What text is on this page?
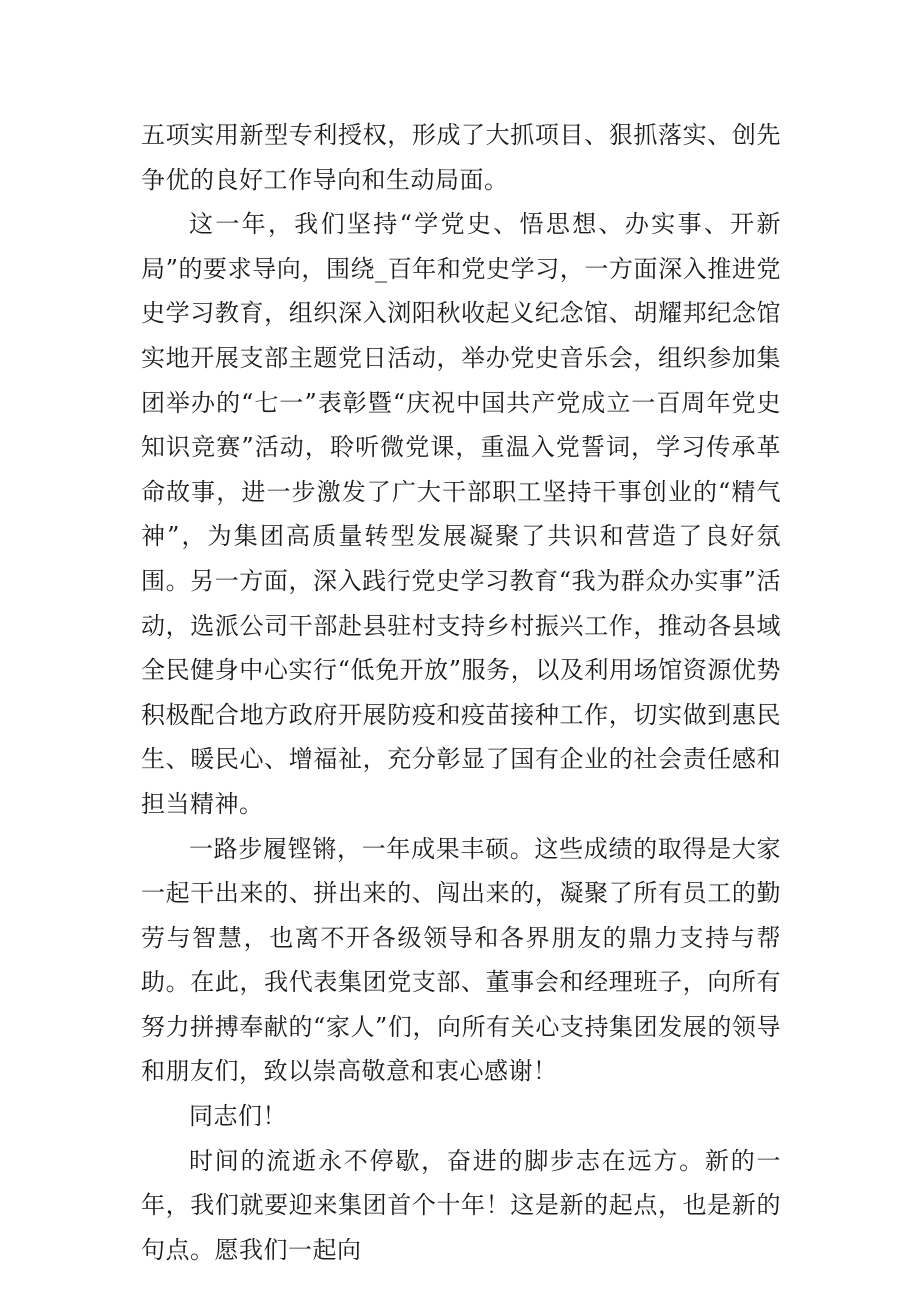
五项实用新型专利授权，形成了大抓项目、狠抓落实、创先争优的良好工作导向和生动局面。

这一年，我们坚持“学党史、悟思想、办实事、开新局”的要求导向，围绕_百年和党史学习，一方面深入推进党史学习教育，组织深入浏阳秋收起义纪念馆、胡耀邦纪念馆实地开展支部主题党日活动，举办党史音乐会，组织参加集团举办的“七一”表彰暨“庆祝中国共产党成立一百周年党史知识竞赛”活动，聆听微党课，重温入党誓词，学习传承革命故事，进一步激发了广大干部职工坚持干事创业的“精气神”，为集团高质量转型发展凝聚了共识和营造了良好氛围。另一方面，深入践行党史学习教育“我为群众办实事”活动，选派公司干部赴县驻村支持乡村振兴工作，推动各县域全民健身中心实行“低免开放”服务，以及利用场馆资源优势积极配合地方政府开展防疫和疫苗接种工作，切实做到惠民生、暖民心、增福祉，充分彰显了国有企业的社会责任感和担当精神。

一路步履铿锵，一年成果丰硕。这些成绩的取得是大家一起干出来的、拼出来的、闯出来的，凝聚了所有员工的勤劳与智慧，也离不开各级领导和各界朋友的鼎力支持与帮助。在此，我代表集团党支部、董事会和经理班子，向所有努力拼搏奉献的“家人”们，向所有关心支持集团发展的领导和朋友们，致以崇高敬意和衷心感谢！

同志们！

时间的流逝永不停歇，奋进的脚步志在远方。新的一年，我们就要迎来集团首个十年！这是新的起点，也是新的句点。愿我们一起向
